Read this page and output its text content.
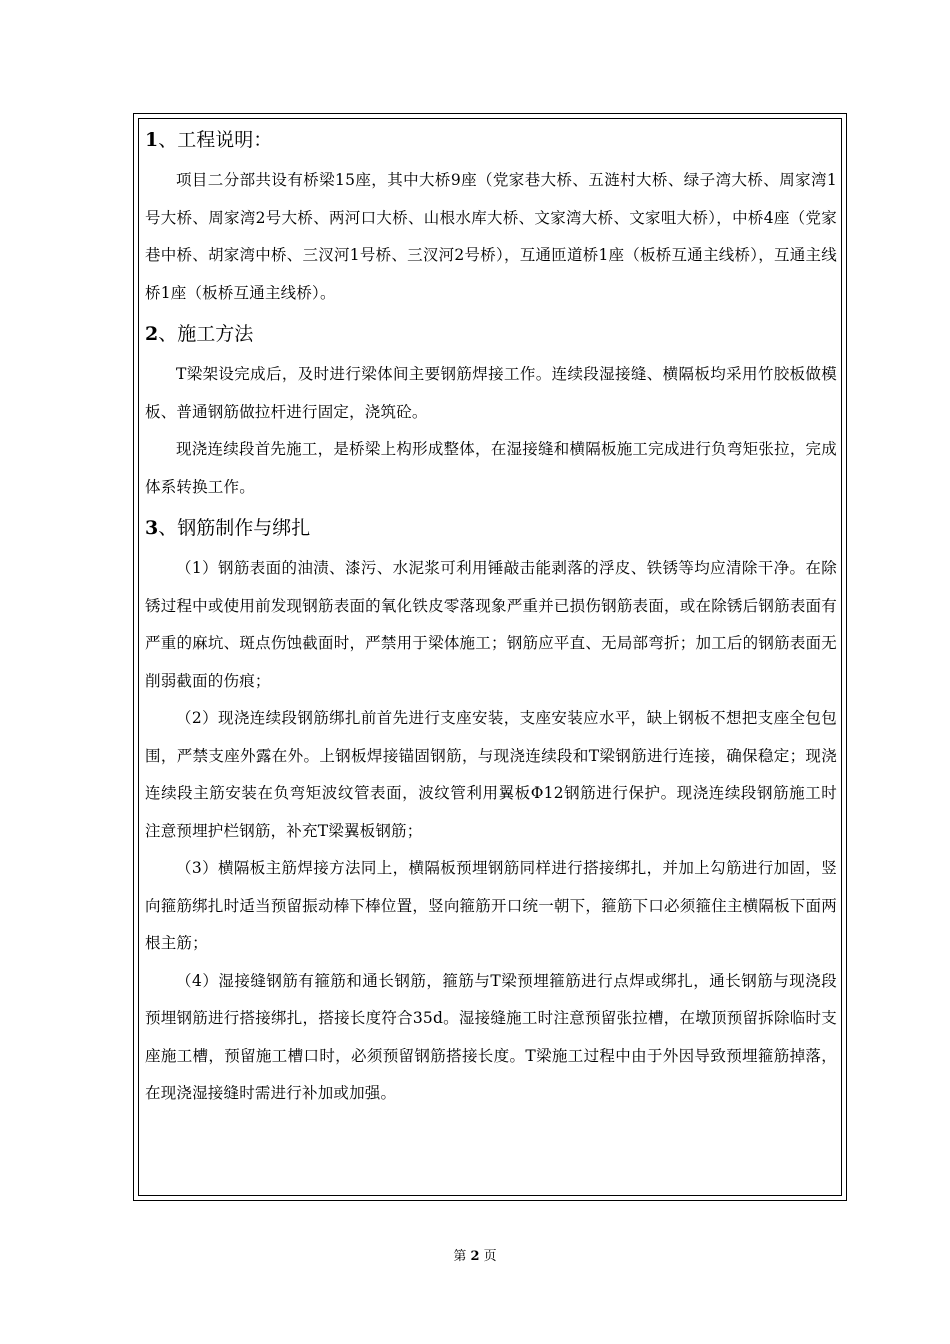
1、工程说明：

项目二分部共设有桥梁15座，其中大桥9座（党家巷大桥、五涟村大桥、绿子湾大桥、周家湾1号大桥、周家湾2号大桥、两河口大桥、山根水库大桥、文家湾大桥、文家咀大桥），中桥4座（党家巷中桥、胡家湾中桥、三汊河1号桥、三汊河2号桥），互通匝道桥1座（板桥互通主线桥），互通主线桥1座（板桥互通主线桥）。

2、施工方法

T梁架设完成后，及时进行梁体间主要钢筋焊接工作。连续段湿接缝、横隔板均采用竹胶板做模板、普通钢筋做拉杆进行固定，浇筑砼。

现浇连续段首先施工，是桥梁上构形成整体，在湿接缝和横隔板施工完成进行负弯矩张拉，完成体系转换工作。

3、钢筋制作与绑扎

（1）钢筋表面的油渍、漆污、水泥浆可利用锤敲击能剥落的浮皮、铁锈等均应清除干净。在除锈过程中或使用前发现钢筋表面的氧化铁皮零落现象严重并已损伤钢筋表面，或在除锈后钢筋表面有严重的麻坑、斑点伤蚀截面时，严禁用于梁体施工；钢筋应平直、无局部弯折；加工后的钢筋表面无削弱截面的伤痕；

（2）现浇连续段钢筋绑扎前首先进行支座安装，支座安装应水平，缺上钢板不想把支座全包包围，严禁支座外露在外。上钢板焊接锚固钢筋，与现浇连续段和T梁钢筋进行连接，确保稳定；现浇连续段主筋安装在负弯矩波纹管表面，波纹管利用翼板Φ12钢筋进行保护。现浇连续段钢筋施工时注意预埋护栏钢筋，补充T梁翼板钢筋；

（3）横隔板主筋焊接方法同上，横隔板预埋钢筋同样进行搭接绑扎，并加上勾筋进行加固，竖向箍筋绑扎时适当预留振动棒下棒位置，竖向箍筋开口统一朝下，箍筋下口必须箍住主横隔板下面两根主筋；

（4）湿接缝钢筋有箍筋和通长钢筋，箍筋与T梁预埋箍筋进行点焊或绑扎，通长钢筋与现浇段预埋钢筋进行搭接绑扎，搭接长度符合35d。湿接缝施工时注意预留张拉槽，在墩顶预留拆除临时支座施工槽，预留施工槽口时，必须预留钢筋搭接长度。T梁施工过程中由于外因导致预埋箍筋掉落，在现浇湿接缝时需进行补加或加强。

第 2 页
